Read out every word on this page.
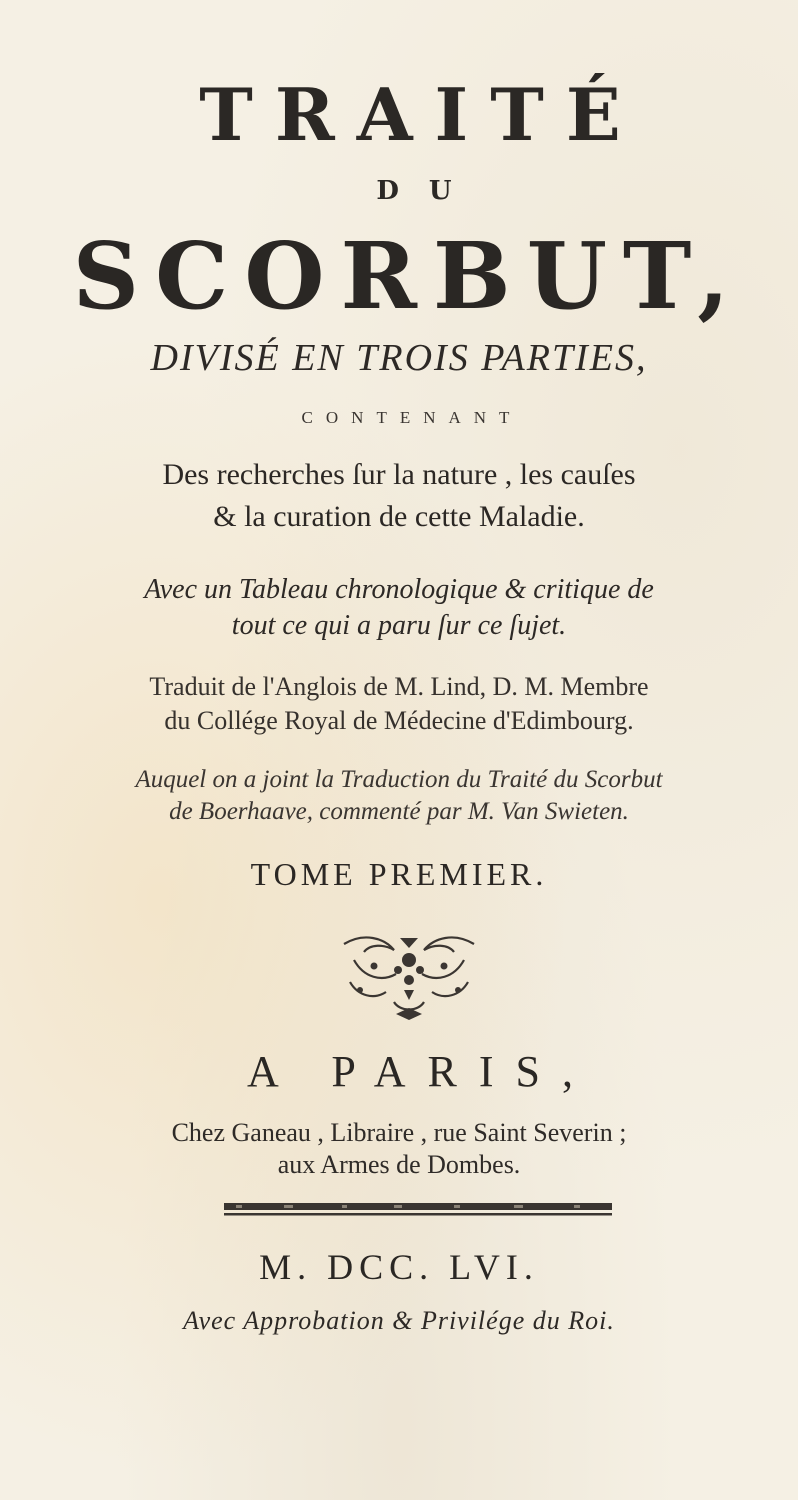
TRAITÉ
DU
SCORBUT,
DIVISÉ EN TROIS PARTIES,
CONTENANT
Des recherches ſur la nature , les cauſes
& la curation de cette Maladie.
Avec un Tableau chronologique & critique de
tout ce qui a paru ſur ce ſujet.
Traduit de l'Anglois de M. Lind, D. M. Membre
du Collége Royal de Médecine d'Edimbourg.
Auquel on a joint la Traduction du Traité du Scorbut
de Boerhaave, commenté par M. Van Swieten.
TOME PREMIER.
A PARIS,
Chez Ganeau , Libraire , rue Saint Severin ;
aux Armes de Dombes.
M. DCC. LVI.
Avec Approbation & Privilége du Roi.
